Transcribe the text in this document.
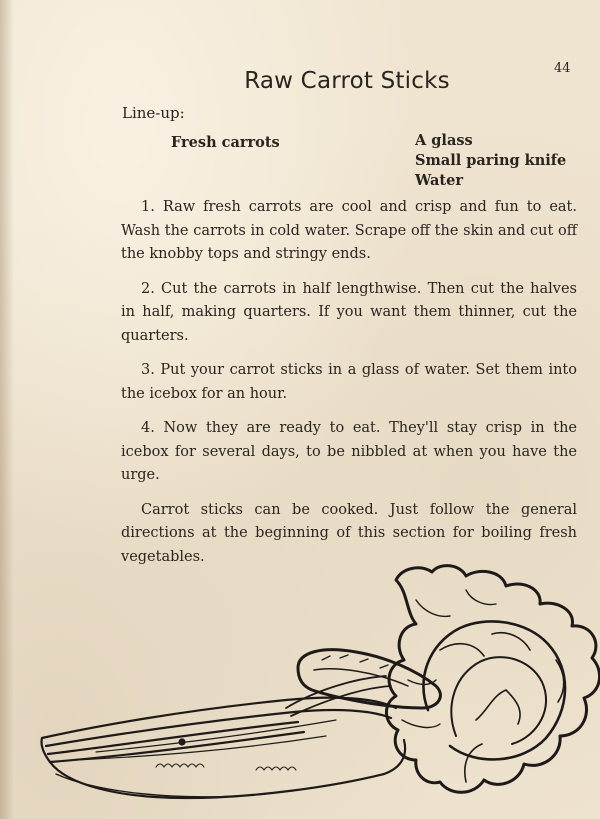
44
Raw Carrot Sticks
Line-up:
Fresh carrots	A glass
Small paring knife
Water

1. Raw fresh carrots are cool and crisp and fun to eat. Wash the carrots in cold water. Scrape off the skin and cut off the knobby tops and stringy ends.

2. Cut the carrots in half lengthwise. Then cut the halves in half, making quarters. If you want them thinner, cut the quarters.

3. Put your carrot sticks in a glass of water. Set them into the icebox for an hour.

4. Now they are ready to eat. They'll stay crisp in the icebox for several days, to be nibbled at when you have the urge.

Carrot sticks can be cooked. Just follow the general directions at the beginning of this section for boiling fresh vegetables.
